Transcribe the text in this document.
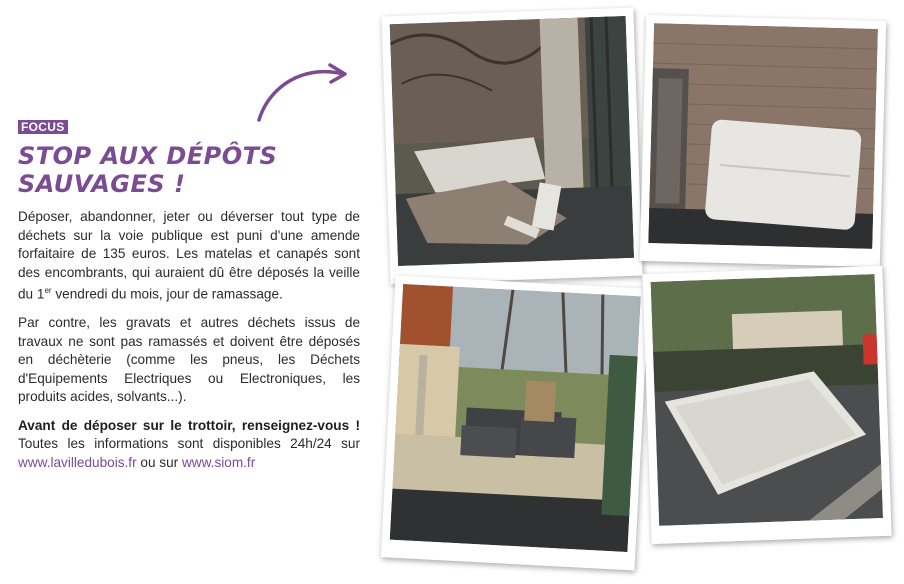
FOCUS
STOP AUX DÉPÔTS SAUVAGES !

Déposer, abandonner, jeter ou déverser tout type de déchets sur la voie publique est puni d'une amende forfaitaire de 135 euros. Les matelas et canapés sont des encombrants, qui auraient dû être déposés la veille du 1er vendredi du mois, jour de ramassage.

Par contre, les gravats et autres déchets issus de travaux ne sont pas ramassés et doivent être déposés en déchèterie (comme les pneus, les Déchets d'Equipements Electriques ou Electroniques, les produits acides, solvants...).

Avant de déposer sur le trottoir, renseignez-vous ! Toutes les informations sont disponibles 24h/24 sur www.lavilledubois.fr ou sur www.siom.fr
